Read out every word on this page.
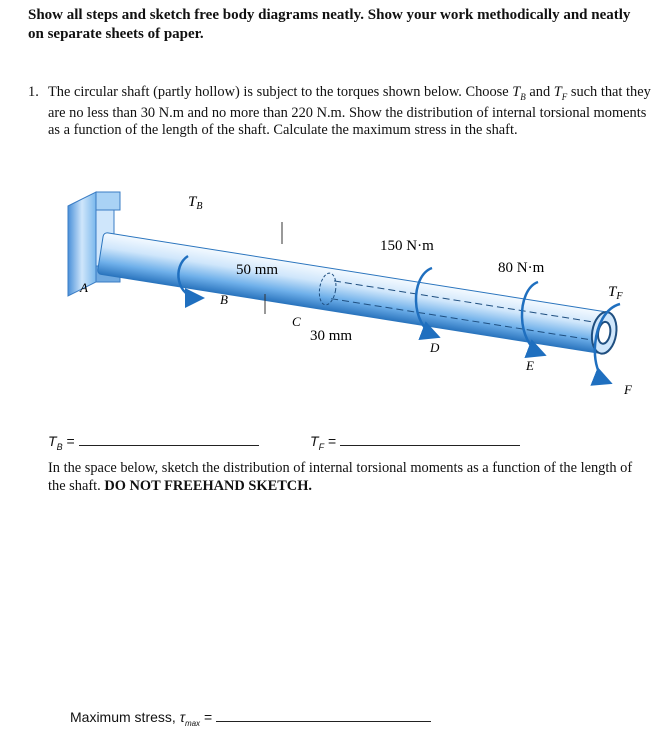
Show all steps and sketch free body diagrams neatly. Show your work methodically and neatly
on separate sheets of paper.
1. The circular shaft (partly hollow) is subject to the torques shown below. Choose $T_B$ and $T_F$ such that they are no less than 30 N.m and no more than 220 N.m. Show the distribution of internal torsional moments as a function of the length of the shaft. Calculate the maximum stress in the shaft.
$T_B$
A
B
C
D
E
F
50 mm
30 mm
150 N·m
80 N·m
$T_F$
$T_B$ =	$T_F$ =
In the space below, sketch the distribution of internal torsional moments as a function of the length of the shaft. DO NOT FREEHAND SKETCH.
Maximum stress, $\tau_{max}$ =
